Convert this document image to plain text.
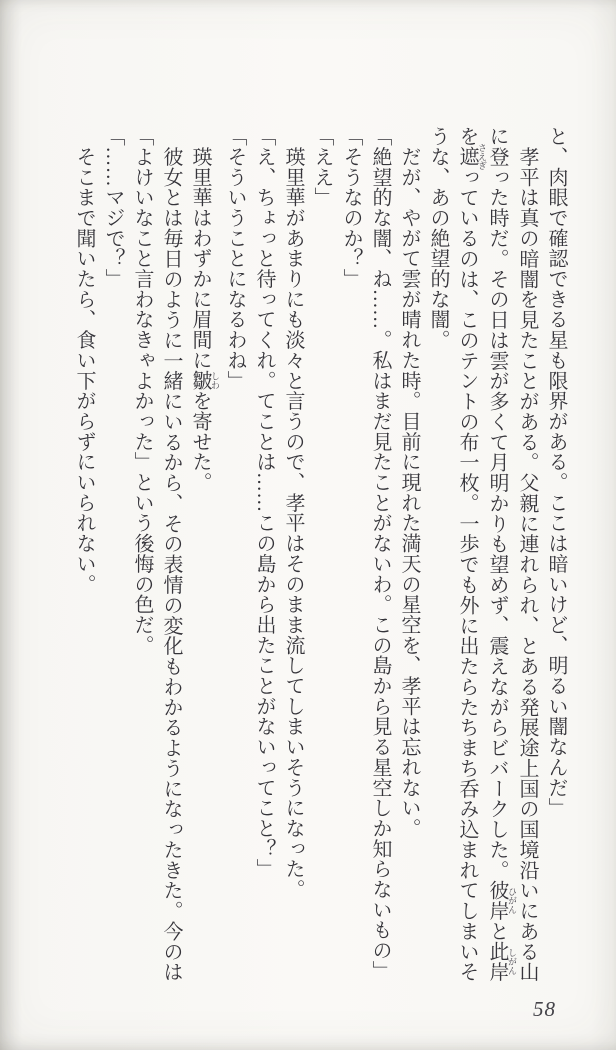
と、肉眼で確認できる星も限界がある。ここは暗いけど、明るい闇なんだ」

　孝平は真の暗闇を見たことがある。父親に連れられ、とある発展途上国の国境沿いにある山に登った時だ。その日は雲が多くて月明かりも望めず、震えながらビバークした。彼岸 ひがんと此岸 しがんを遮 さえぎっているのは、このテントの布一枚。一歩でも外に出たらたちまち呑み込まれてしまいそうな、あの絶望的な闇。

　だが、やがて雲が晴れた時。目前に現れた満天の星空を、孝平は忘れない。

「絶望的な闇、ね……。私はまだ見たことがないわ。この島から見る星空しか知らないもの」

「そうなのか？」

「ええ」

　瑛里華があまりにも淡々と言うので、孝平はそのまま流してしまいそうになった。

「え、ちょっと待ってくれ。てことは……この島から出たことがないってこと？」

「そういうことになるわね」

　瑛里華はわずかに眉間に皺 しわを寄せた。

　彼女とは毎日のように一緒にいるから、その表情の変化もわかるようになったきた。今のは「よけいなこと言わなきゃよかった」という後悔の色だ。

「……マジで？」

　そこまで聞いたら、食い下がらずにいられない。

58
